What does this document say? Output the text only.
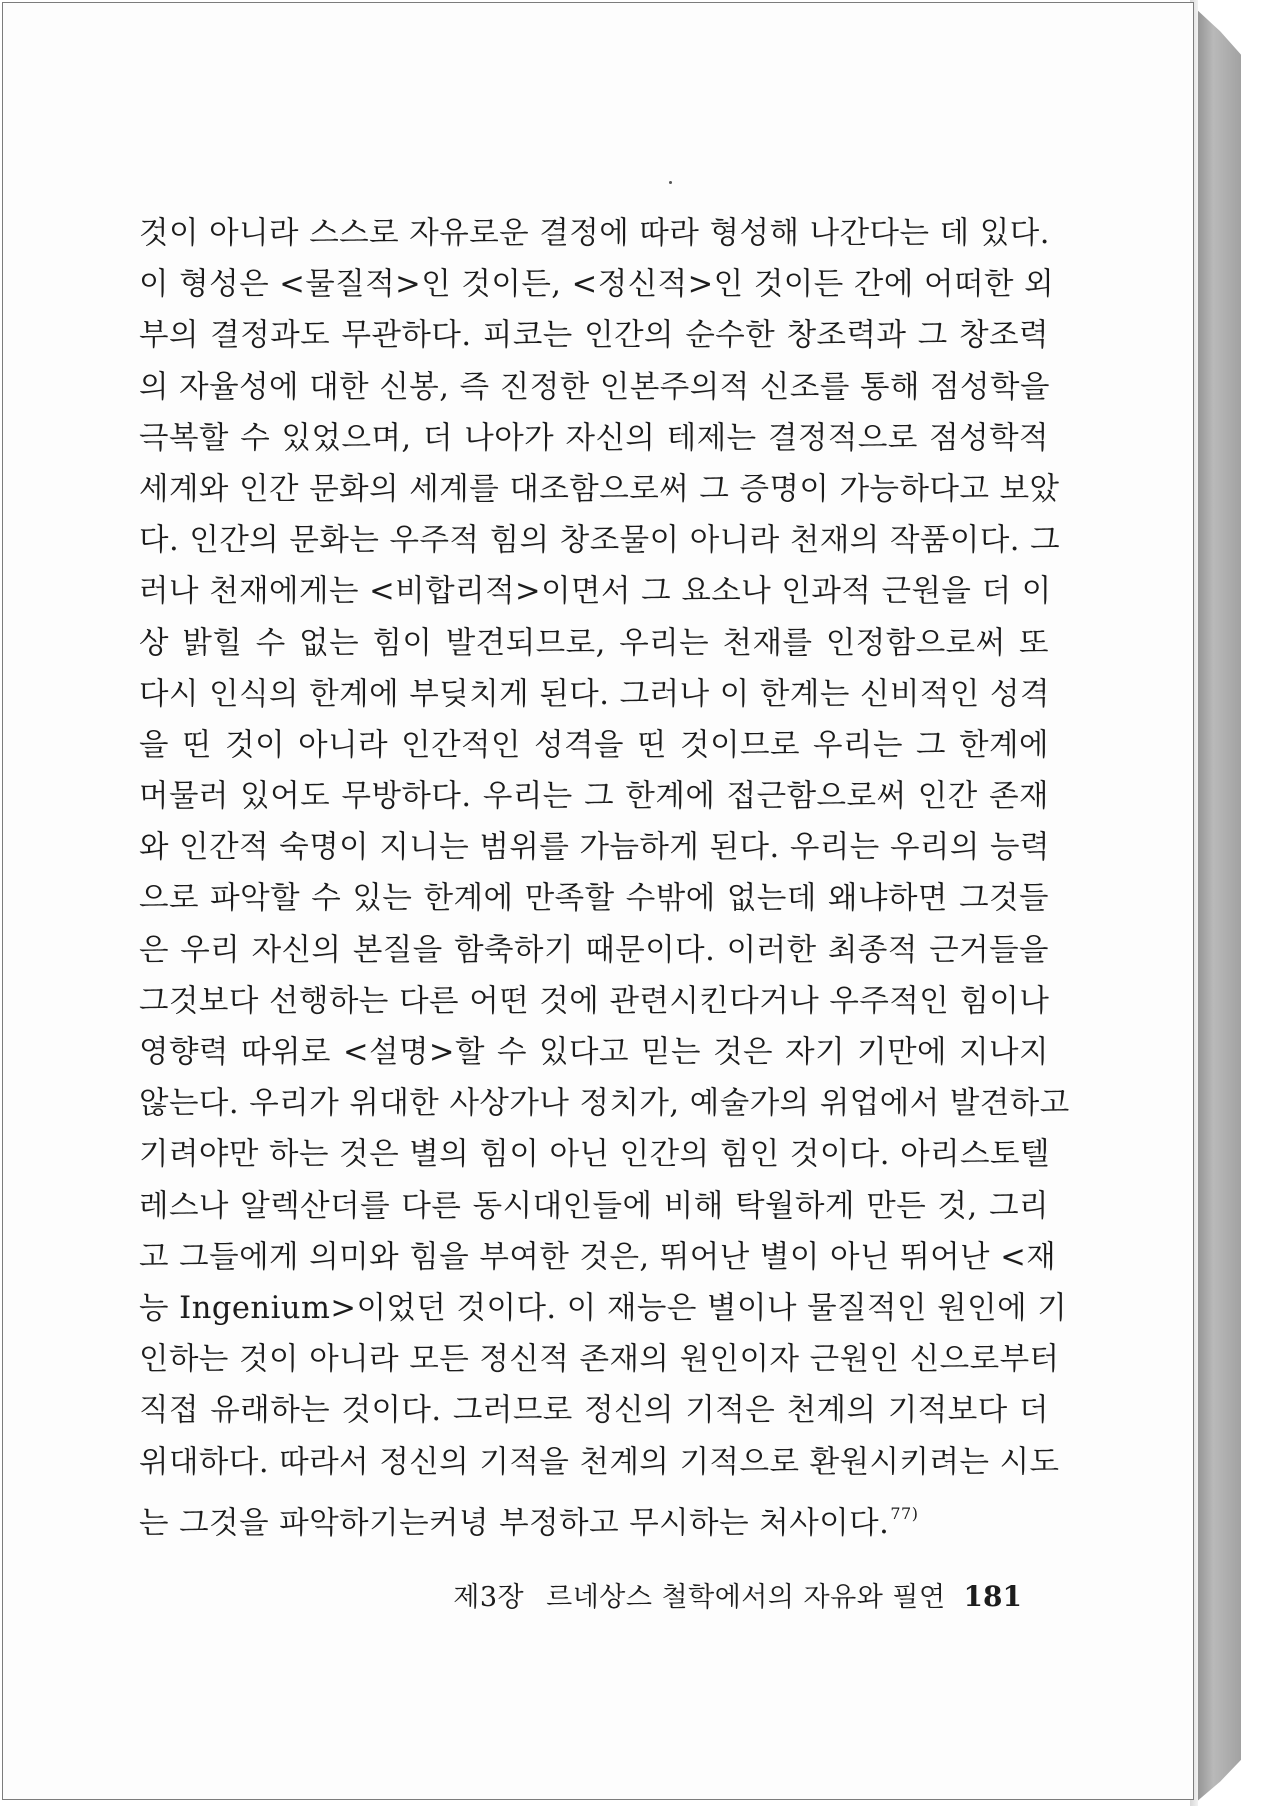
것이 아니라 스스로 자유로운 결정에 따라 형성해 나간다는 데 있다.
이 형성은 <물질적>인 것이든, <정신적>인 것이든 간에 어떠한 외
부의 결정과도 무관하다. 피코는 인간의 순수한 창조력과 그 창조력
의 자율성에 대한 신봉, 즉 진정한 인본주의적 신조를 통해 점성학을
극복할 수 있었으며, 더 나아가 자신의 테제는 결정적으로 점성학적
세계와 인간 문화의 세계를 대조함으로써 그 증명이 가능하다고 보았
다. 인간의 문화는 우주적 힘의 창조물이 아니라 천재의 작품이다. 그
러나 천재에게는 <비합리적>이면서 그 요소나 인과적 근원을 더 이
상 밝힐 수 없는 힘이 발견되므로, 우리는 천재를 인정함으로써 또
다시 인식의 한계에 부딪치게 된다. 그러나 이 한계는 신비적인 성격
을 띤 것이 아니라 인간적인 성격을 띤 것이므로 우리는 그 한계에
머물러 있어도 무방하다. 우리는 그 한계에 접근함으로써 인간 존재
와 인간적 숙명이 지니는 범위를 가늠하게 된다. 우리는 우리의 능력
으로 파악할 수 있는 한계에 만족할 수밖에 없는데 왜냐하면 그것들
은 우리 자신의 본질을 함축하기 때문이다. 이러한 최종적 근거들을
그것보다 선행하는 다른 어떤 것에 관련시킨다거나 우주적인 힘이나
영향력 따위로 <설명>할 수 있다고 믿는 것은 자기 기만에 지나지
않는다. 우리가 위대한 사상가나 정치가, 예술가의 위업에서 발견하고
기려야만 하는 것은 별의 힘이 아닌 인간의 힘인 것이다. 아리스토텔
레스나 알렉산더를 다른 동시대인들에 비해 탁월하게 만든 것, 그리
고 그들에게 의미와 힘을 부여한 것은, 뛰어난 별이 아닌 뛰어난 <재
능 Ingenium>이었던 것이다. 이 재능은 별이나 물질적인 원인에 기
인하는 것이 아니라 모든 정신적 존재의 원인이자 근원인 신으로부터
직접 유래하는 것이다. 그러므로 정신의 기적은 천계의 기적보다 더
위대하다. 따라서 정신의 기적을 천계의 기적으로 환원시키려는 시도
는 그것을 파악하기는커녕 부정하고 무시하는 처사이다.$^{77)}$
제3장 르네상스 철학에서의 자유와 필연 181
